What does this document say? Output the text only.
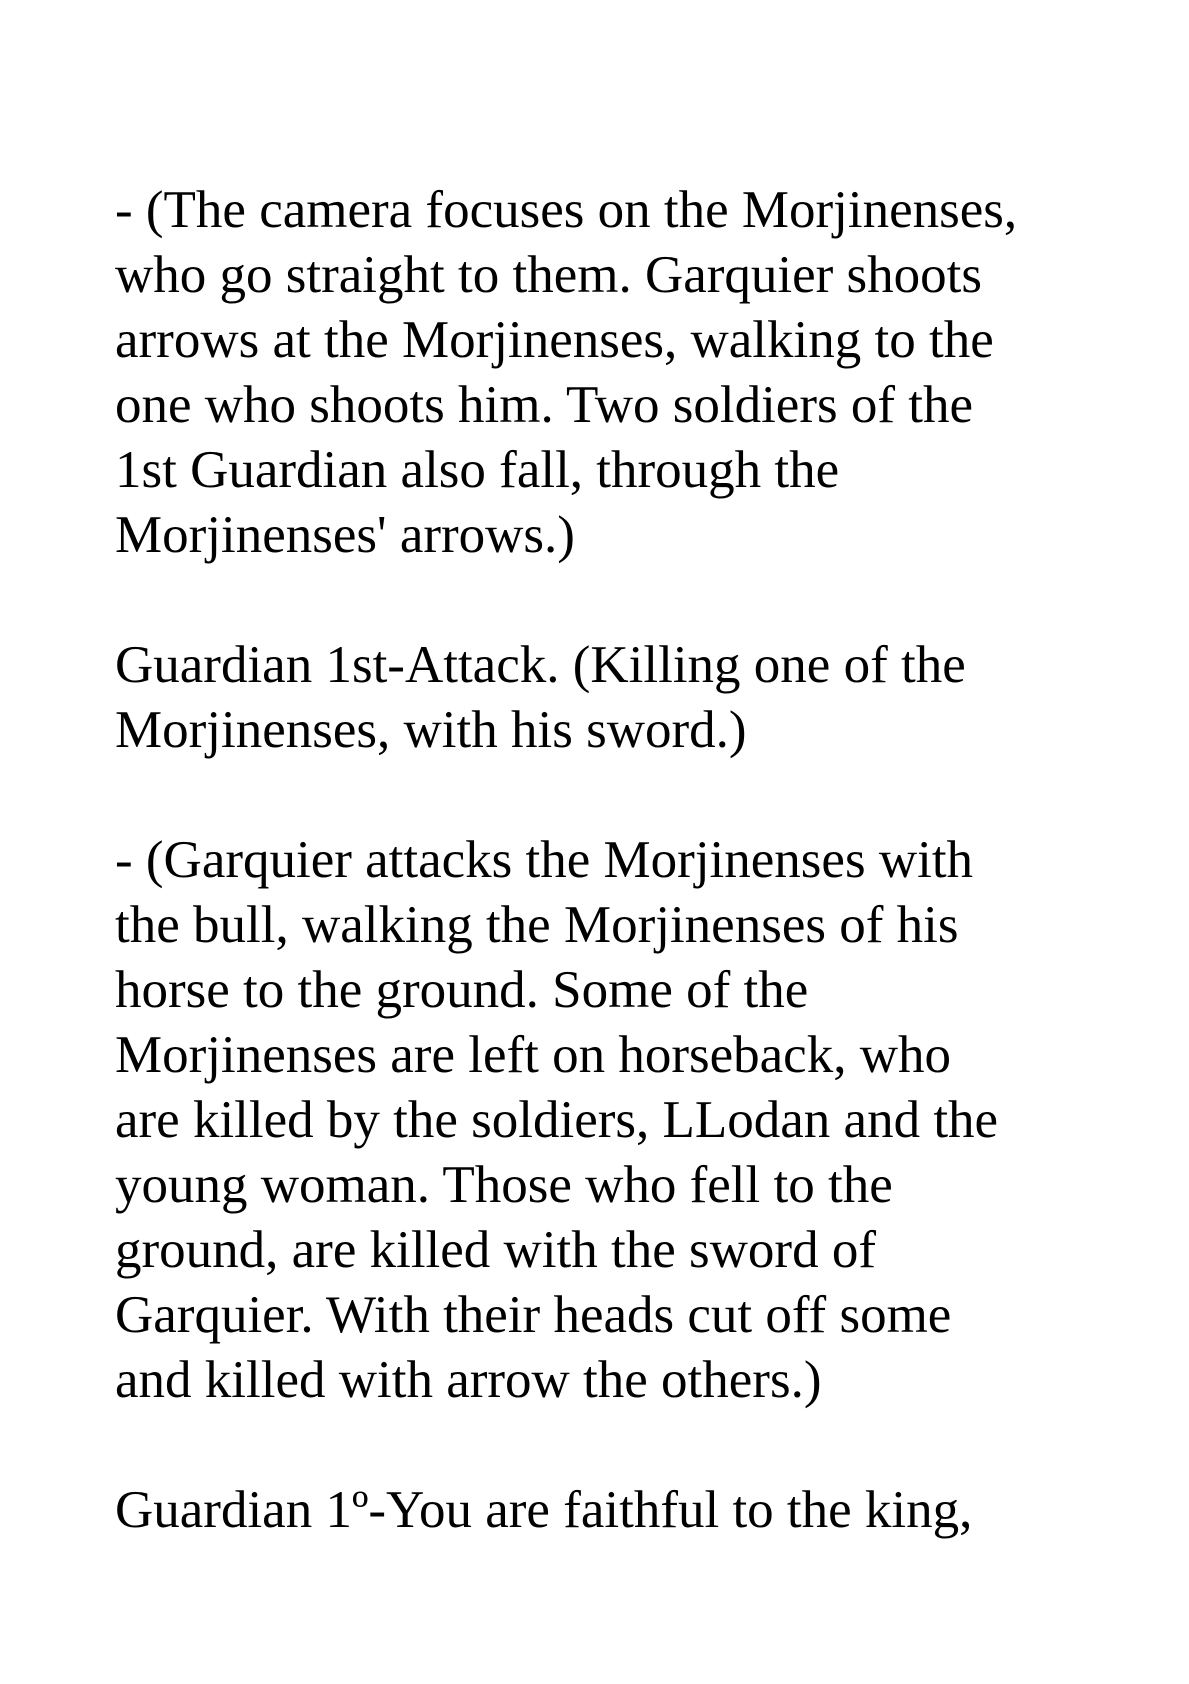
- (The camera focuses on the Morjinenses,
who go straight to them. Garquier shoots
arrows at the Morjinenses, walking to the
one who shoots him. Two soldiers of the
1st Guardian also fall, through the
Morjinenses' arrows.)

Guardian 1st-Attack. (Killing one of the
Morjinenses, with his sword.)

- (Garquier attacks the Morjinenses with
the bull, walking the Morjinenses of his
horse to the ground. Some of the
Morjinenses are left on horseback, who
are killed by the soldiers, LLodan and the
young woman. Those who fell to the
ground, are killed with the sword of
Garquier. With their heads cut off some
and killed with arrow the others.)

Guardian 1º-You are faithful to the king,
